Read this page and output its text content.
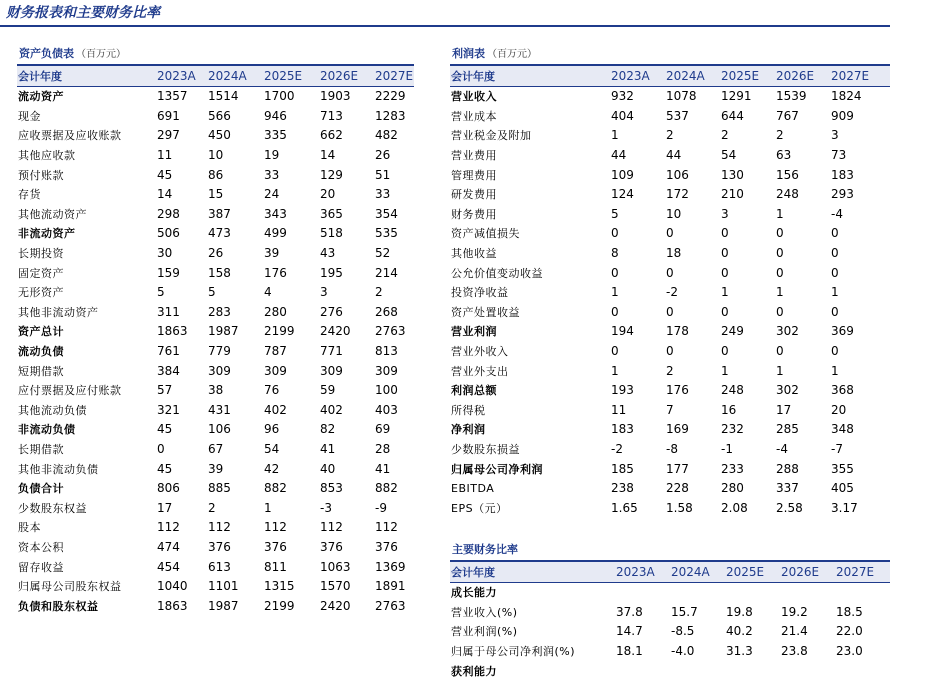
财务报表和主要财务比率
资产负债表 （百万元）
会计年度	2023A	2024A	2025E	2026E	2027E
流动资产	1357	1514	1700	1903	2229
现金	691	566	946	713	1283
应收票据及应收账款	297	450	335	662	482
其他应收款	11	10	19	14	26
预付账款	45	86	33	129	51
存货	14	15	24	20	33
其他流动资产	298	387	343	365	354
非流动资产	506	473	499	518	535
长期投资	30	26	39	43	52
固定资产	159	158	176	195	214
无形资产	5	5	4	3	2
其他非流动资产	311	283	280	276	268
资产总计	1863	1987	2199	2420	2763
流动负债	761	779	787	771	813
短期借款	384	309	309	309	309
应付票据及应付账款	57	38	76	59	100
其他流动负债	321	431	402	402	403
非流动负债	45	106	96	82	69
长期借款	0	67	54	41	28
其他非流动负债	45	39	42	40	41
负债合计	806	885	882	853	882
少数股东权益	17	2	1	-3	-9
股本	112	112	112	112	112
资本公积	474	376	376	376	376
留存收益	454	613	811	1063	1369
归属母公司股东权益	1040	1101	1315	1570	1891
负债和股东权益	1863	1987	2199	2420	2763
利润表 （百万元）
会计年度	2023A	2024A	2025E	2026E	2027E
营业收入	932	1078	1291	1539	1824
营业成本	404	537	644	767	909
营业税金及附加	1	2	2	2	3
营业费用	44	44	54	63	73
管理费用	109	106	130	156	183
研发费用	124	172	210	248	293
财务费用	5	10	3	1	-4
资产减值损失	0	0	0	0	0
其他收益	8	18	0	0	0
公允价值变动收益	0	0	0	0	0
投资净收益	1	-2	1	1	1
资产处置收益	0	0	0	0	0
营业利润	194	178	249	302	369
营业外收入	0	0	0	0	0
营业外支出	1	2	1	1	1
利润总额	193	176	248	302	368
所得税	11	7	16	17	20
净利润	183	169	232	285	348
少数股东损益	-2	-8	-1	-4	-7
归属母公司净利润	185	177	233	288	355
EBITDA	238	228	280	337	405
EPS（元）	1.65	1.58	2.08	2.58	3.17
主要财务比率
会计年度	2023A	2024A	2025E	2026E	2027E
成长能力					
营业收入(%)	37.8	15.7	19.8	19.2	18.5
营业利润(%)	14.7	-8.5	40.2	21.4	22.0
归属于母公司净利润(%)	18.1	-4.0	31.3	23.8	23.0
获利能力					
